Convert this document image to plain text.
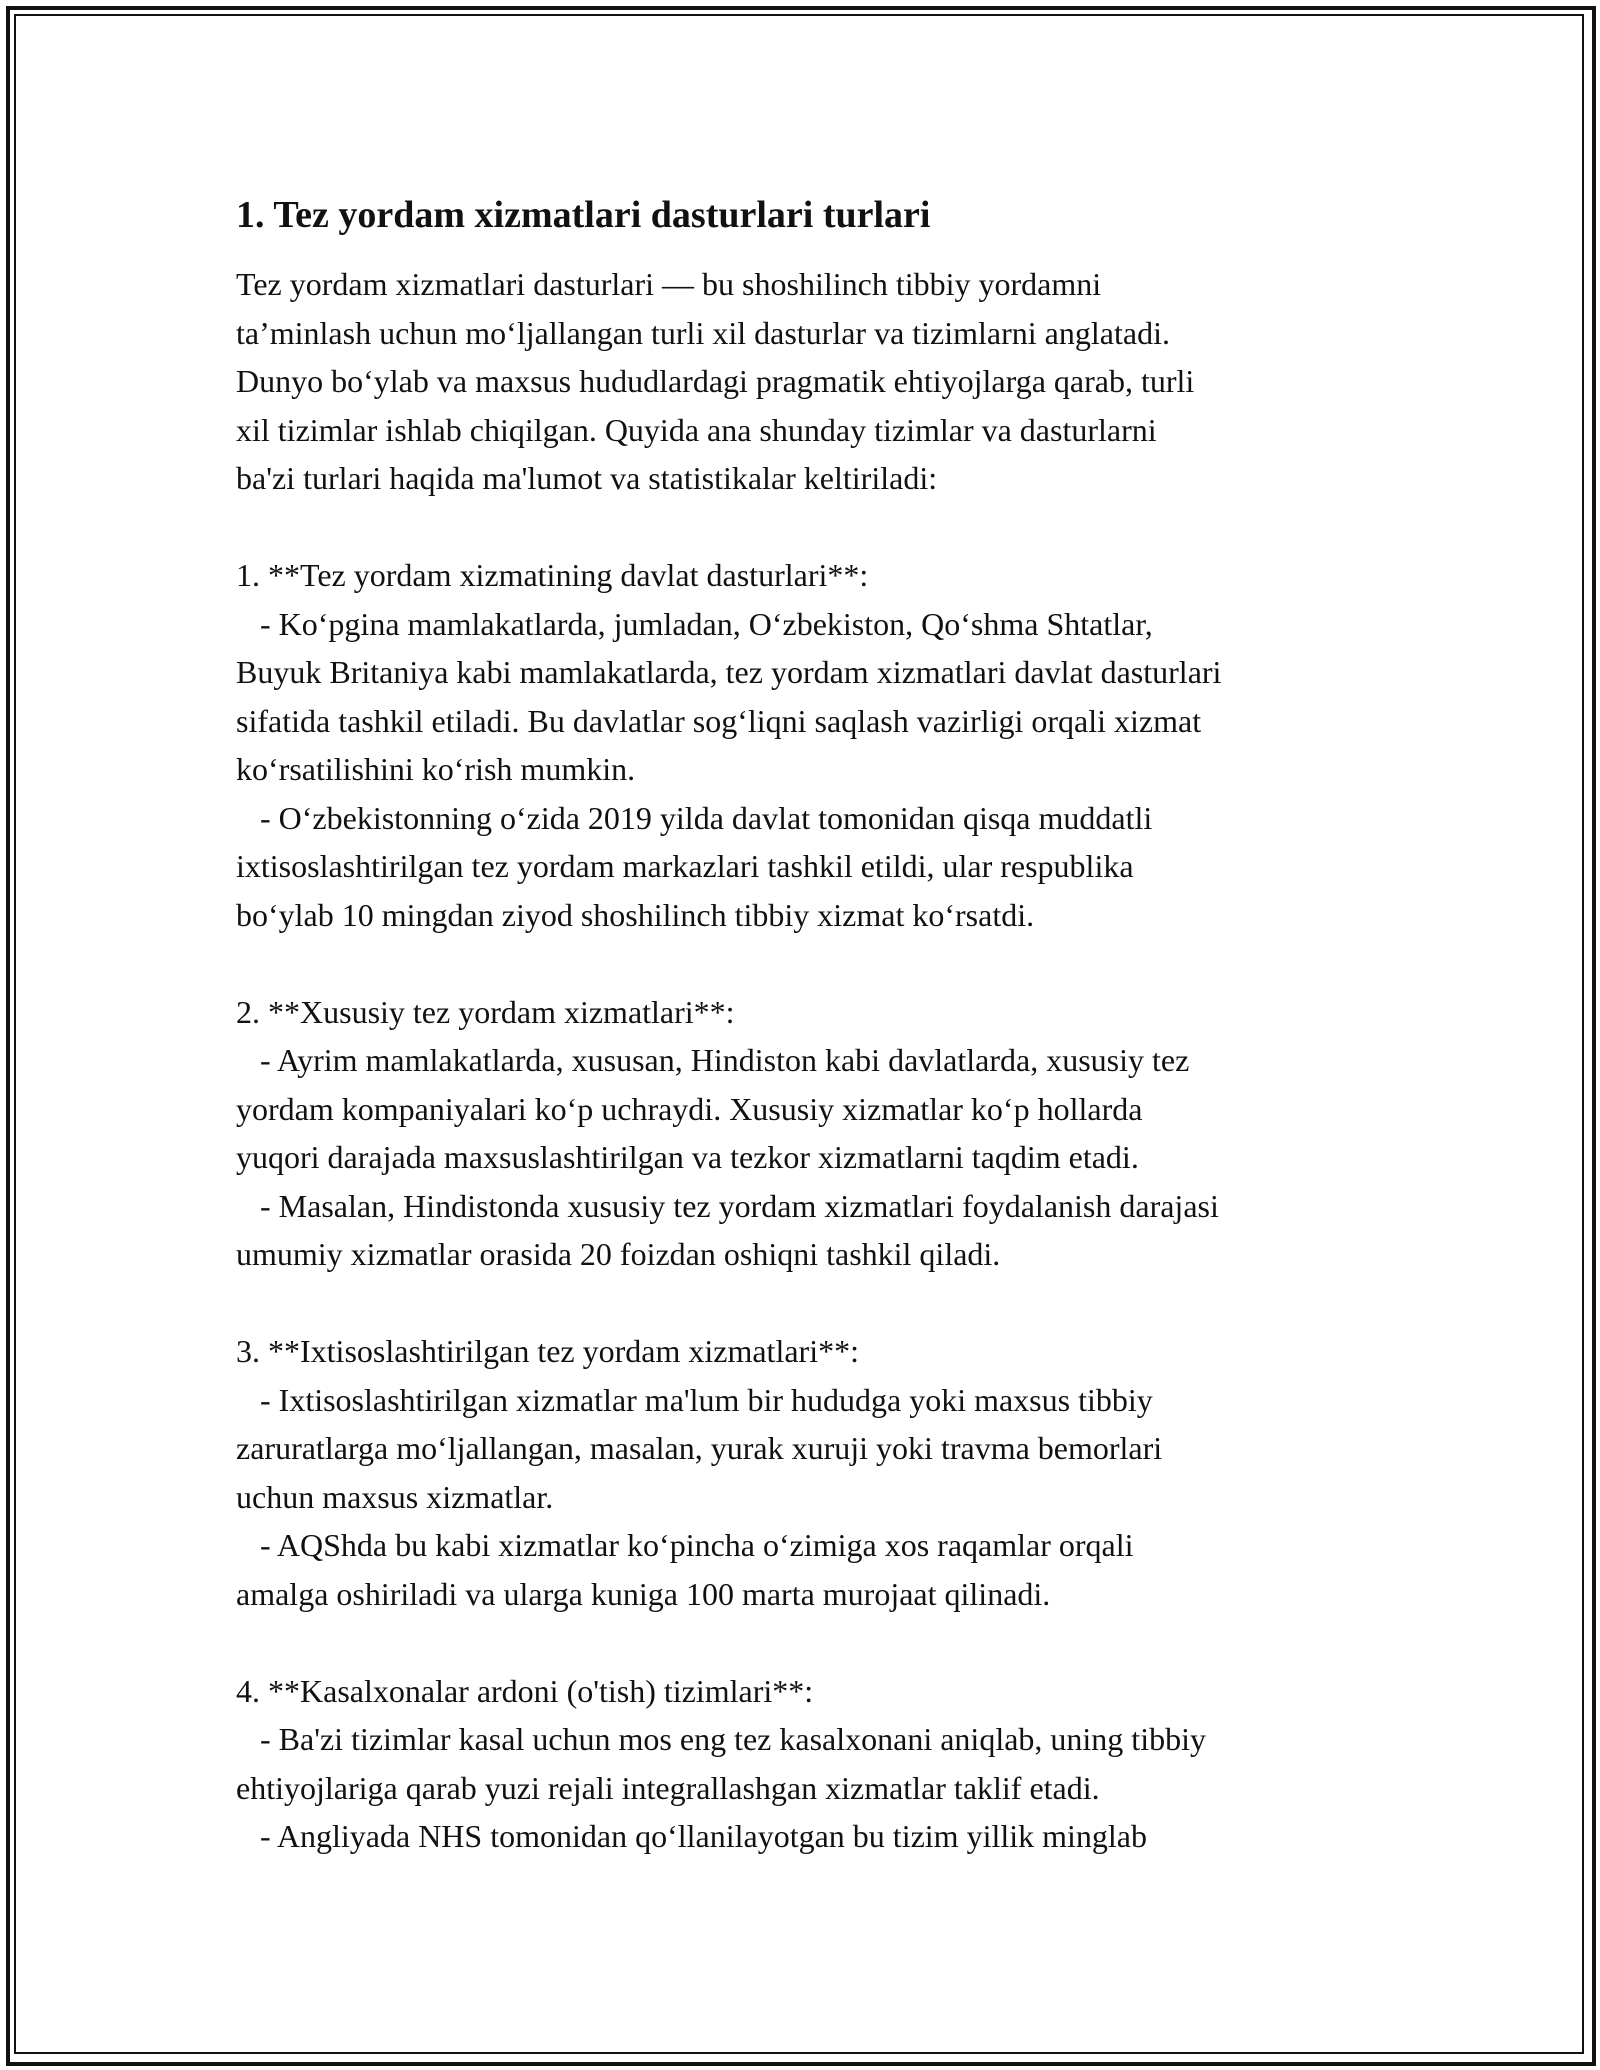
1. Tez yordam xizmatlari dasturlari turlari
Tez yordam xizmatlari dasturlari — bu shoshilinch tibbiy yordamni
ta’minlash uchun mo‘ljallangan turli xil dasturlar va tizimlarni anglatadi.
Dunyo bo‘ylab va maxsus hududlardagi pragmatik ehtiyojlarga qarab, turli
xil tizimlar ishlab chiqilgan. Quyida ana shunday tizimlar va dasturlarni
ba'zi turlari haqida ma'lumot va statistikalar keltiriladi:
1. **Tez yordam xizmatining davlat dasturlari**:
- Ko‘pgina mamlakatlarda, jumladan, O‘zbekiston, Qo‘shma Shtatlar,
Buyuk Britaniya kabi mamlakatlarda, tez yordam xizmatlari davlat dasturlari
sifatida tashkil etiladi. Bu davlatlar sog‘liqni saqlash vazirligi orqali xizmat
ko‘rsatilishini ko‘rish mumkin.
- O‘zbekistonning o‘zida 2019 yilda davlat tomonidan qisqa muddatli
ixtisoslashtirilgan tez yordam markazlari tashkil etildi, ular respublika
bo‘ylab 10 mingdan ziyod shoshilinch tibbiy xizmat ko‘rsatdi.
2. **Xususiy tez yordam xizmatlari**:
- Ayrim mamlakatlarda, xususan, Hindiston kabi davlatlarda, xususiy tez
yordam kompaniyalari ko‘p uchraydi. Xususiy xizmatlar ko‘p hollarda
yuqori darajada maxsuslashtirilgan va tezkor xizmatlarni taqdim etadi.
- Masalan, Hindistonda xususiy tez yordam xizmatlari foydalanish darajasi
umumiy xizmatlar orasida 20 foizdan oshiqni tashkil qiladi.
3. **Ixtisoslashtirilgan tez yordam xizmatlari**:
- Ixtisoslashtirilgan xizmatlar ma'lum bir hududga yoki maxsus tibbiy
zaruratlarga mo‘ljallangan, masalan, yurak xuruji yoki travma bemorlari
uchun maxsus xizmatlar.
- AQShda bu kabi xizmatlar ko‘pincha o‘zimiga xos raqamlar orqali
amalga oshiriladi va ularga kuniga 100 marta murojaat qilinadi.
4. **Kasalxonalar ardoni (o'tish) tizimlari**:
- Ba'zi tizimlar kasal uchun mos eng tez kasalxonani aniqlab, uning tibbiy
ehtiyojlariga qarab yuzi rejali integrallashgan xizmatlar taklif etadi.
- Angliyada NHS tomonidan qo‘llanilayotgan bu tizim yillik minglab
